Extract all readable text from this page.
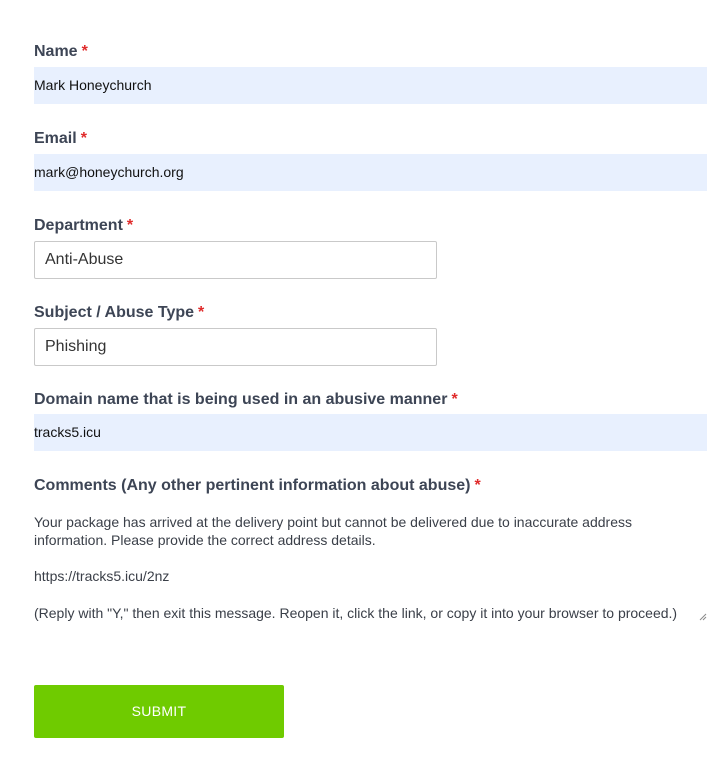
Name *
Mark Honeychurch
Email *
mark@honeychurch.org
Department *
Anti-Abuse
Subject / Abuse Type *
Phishing
Domain name that is being used in an abusive manner *
tracks5.icu
Comments (Any other pertinent information about abuse) *

Your package has arrived at the delivery point but cannot be delivered due to inaccurate address information. Please provide the correct address details.

https://tracks5.icu/2nz

(Reply with "Y," then exit this message. Reopen it, click the link, or copy it into your browser to proceed.)

SUBMIT
